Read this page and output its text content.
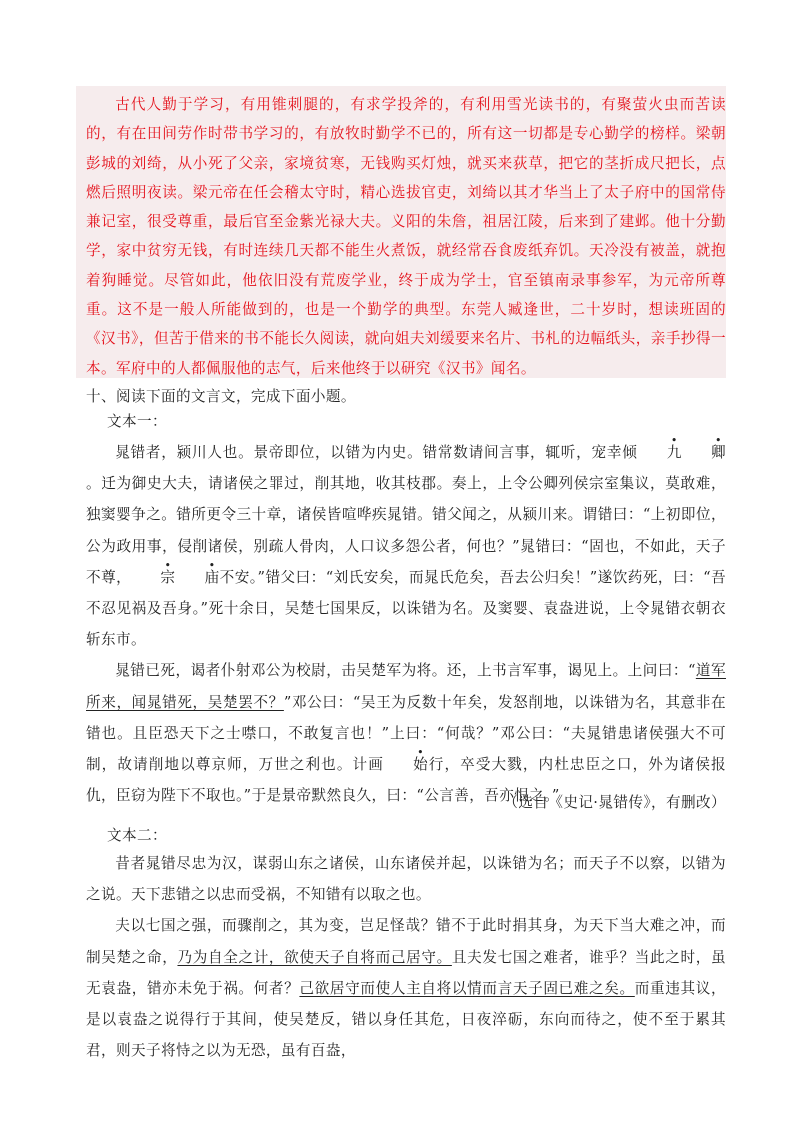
古代人勤于学习，有用锥刺腿的，有求学投斧的，有利用雪光读书的，有聚萤火虫而苦读的，有在田间劳作时带书学习的，有放牧时勤学不已的，所有这一切都是专心勤学的榜样。梁朝彭城的刘绮，从小死了父亲，家境贫寒，无钱购买灯烛，就买来荻草，把它的茎折成尺把长，点燃后照明夜读。梁元帝在任会稽太守时，精心选拔官吏，刘绮以其才华当上了太子府中的国常侍兼记室，很受尊重，最后官至金紫光禄大夫。义阳的朱詹，祖居江陵，后来到了建邺。他十分勤学，家中贫穷无钱，有时连续几天都不能生火煮饭，就经常吞食废纸弃饥。天冷没有被盖，就抱着狗睡觉。尽管如此，他依旧没有荒废学业，终于成为学士，官至镇南录事参军，为元帝所尊重。这不是一般人所能做到的，也是一个勤学的典型。东莞人臧逢世，二十岁时，想读班固的《汉书》，但苦于借来的书不能长久阅读，就向姐夫刘缓要来名片、书札的边幅纸头，亲手抄得一本。军府中的人都佩服他的志气，后来他终于以研究《汉书》闻名。

十、阅读下面的文言文，完成下面小题。
文本一：

晁错者，颍川人也。景帝即位，以错为内史。错常数请间言事，辄听，宠幸倾 九 卿。迁为御史大夫，请诸侯之罪过，削其地，收其枝郡。奏上，上令公卿列侯宗室集议，莫敢难，独窦婴争之。错所更令三十章，诸侯皆喧哗疾晁错。错父闻之，从颍川来。谓错曰：“上初即位，公为政用事，侵削诸侯，别疏人骨肉，人口议多怨公者，何也？”晁错曰：“固也，不如此，天子不尊， 宗 庙不安。”错父曰：“刘氏安矣，而晁氏危矣，吾去公归矣！”遂饮药死，曰：“吾不忍见祸及吾身。”死十余日，吴楚七国果反，以诛错为名。及窦婴、袁盎进说，上令晁错衣朝衣斩东市。

晁错已死，谒者仆射邓公为校尉，击吴楚军为将。还，上书言军事，谒见上。上问曰：“道军所来，闻晁错死，吴楚罢不？”邓公曰：“吴王为反数十年矣，发怒削地，以诛错为名，其意非在错也。且臣恐天下之士噤口，不敢复言也！”上曰：“何哉？”邓公曰：“夫晁错患诸侯强大不可制，故请削地以尊京师，万世之利也。计画 始行，卒受大戮，内杜忠臣之口，外为诸侯报仇，臣窃为陛下不取也。”于是景帝默然良久，曰：“公言善，吾亦恨之。”

（选自《史记·晁错传》，有删改）
文本二：

昔者晁错尽忠为汉，谋弱山东之诸侯，山东诸侯并起，以诛错为名；而天子不以察，以错为之说。天下悲错之以忠而受祸，不知错有以取之也。

夫以七国之强，而骤削之，其为变，岂足怪哉？错不于此时捐其身，为天下当大难之冲，而制吴楚之命，乃为自全之计，欲使天子自将而己居守。且夫发七国之难者，谁乎？当此之时，虽无袁盎，错亦未免于祸。何者？己欲居守而使人主自将以情而言天子固已难之矣。而重违其议，是以袁盎之说得行于其间，使吴楚反，错以身任其危，日夜淬砺，东向而待之，使不至于累其君，则天子将恃之以为无恐，虽有百盎，
